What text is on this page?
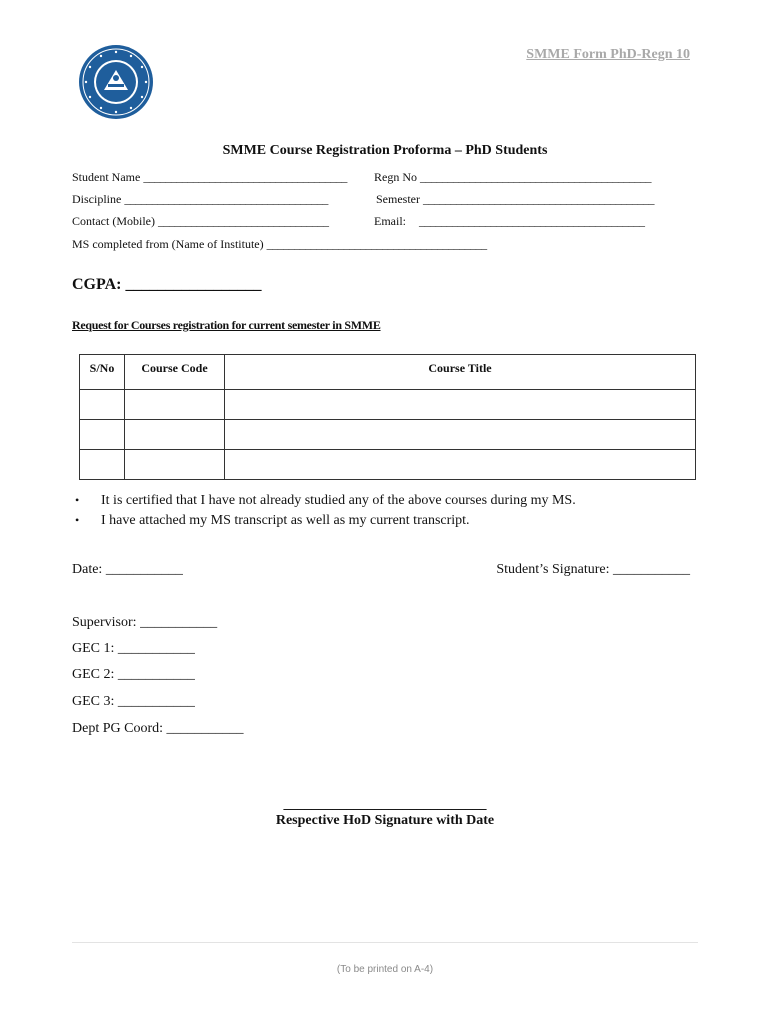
SMME Form PhD-Regn 10
SMME Course Registration Proforma – PhD Students
Student Name _____________________________________ Regn No __________________________________________
Discipline _____________________________________	Semester __________________________________________
Contact (Mobile) _______________________________	Email: _________________________________________
MS completed from (Name of Institute) ________________________________________
CGPA: _________________
Request for Courses registration for current semester in SMME
S/No	Course Code	Course Title

• It is certified that I have not already studied any of the above courses during my MS.
• I have attached my MS transcript as well as my current transcript.
Date: ___________	Student’s Signature: ___________
Supervisor: ___________
GEC 1: ___________
GEC 2: ___________
GEC 3: ___________
Dept PG Coord: ___________
_____________________________
Respective HoD Signature with Date
(To be printed on A-4)
